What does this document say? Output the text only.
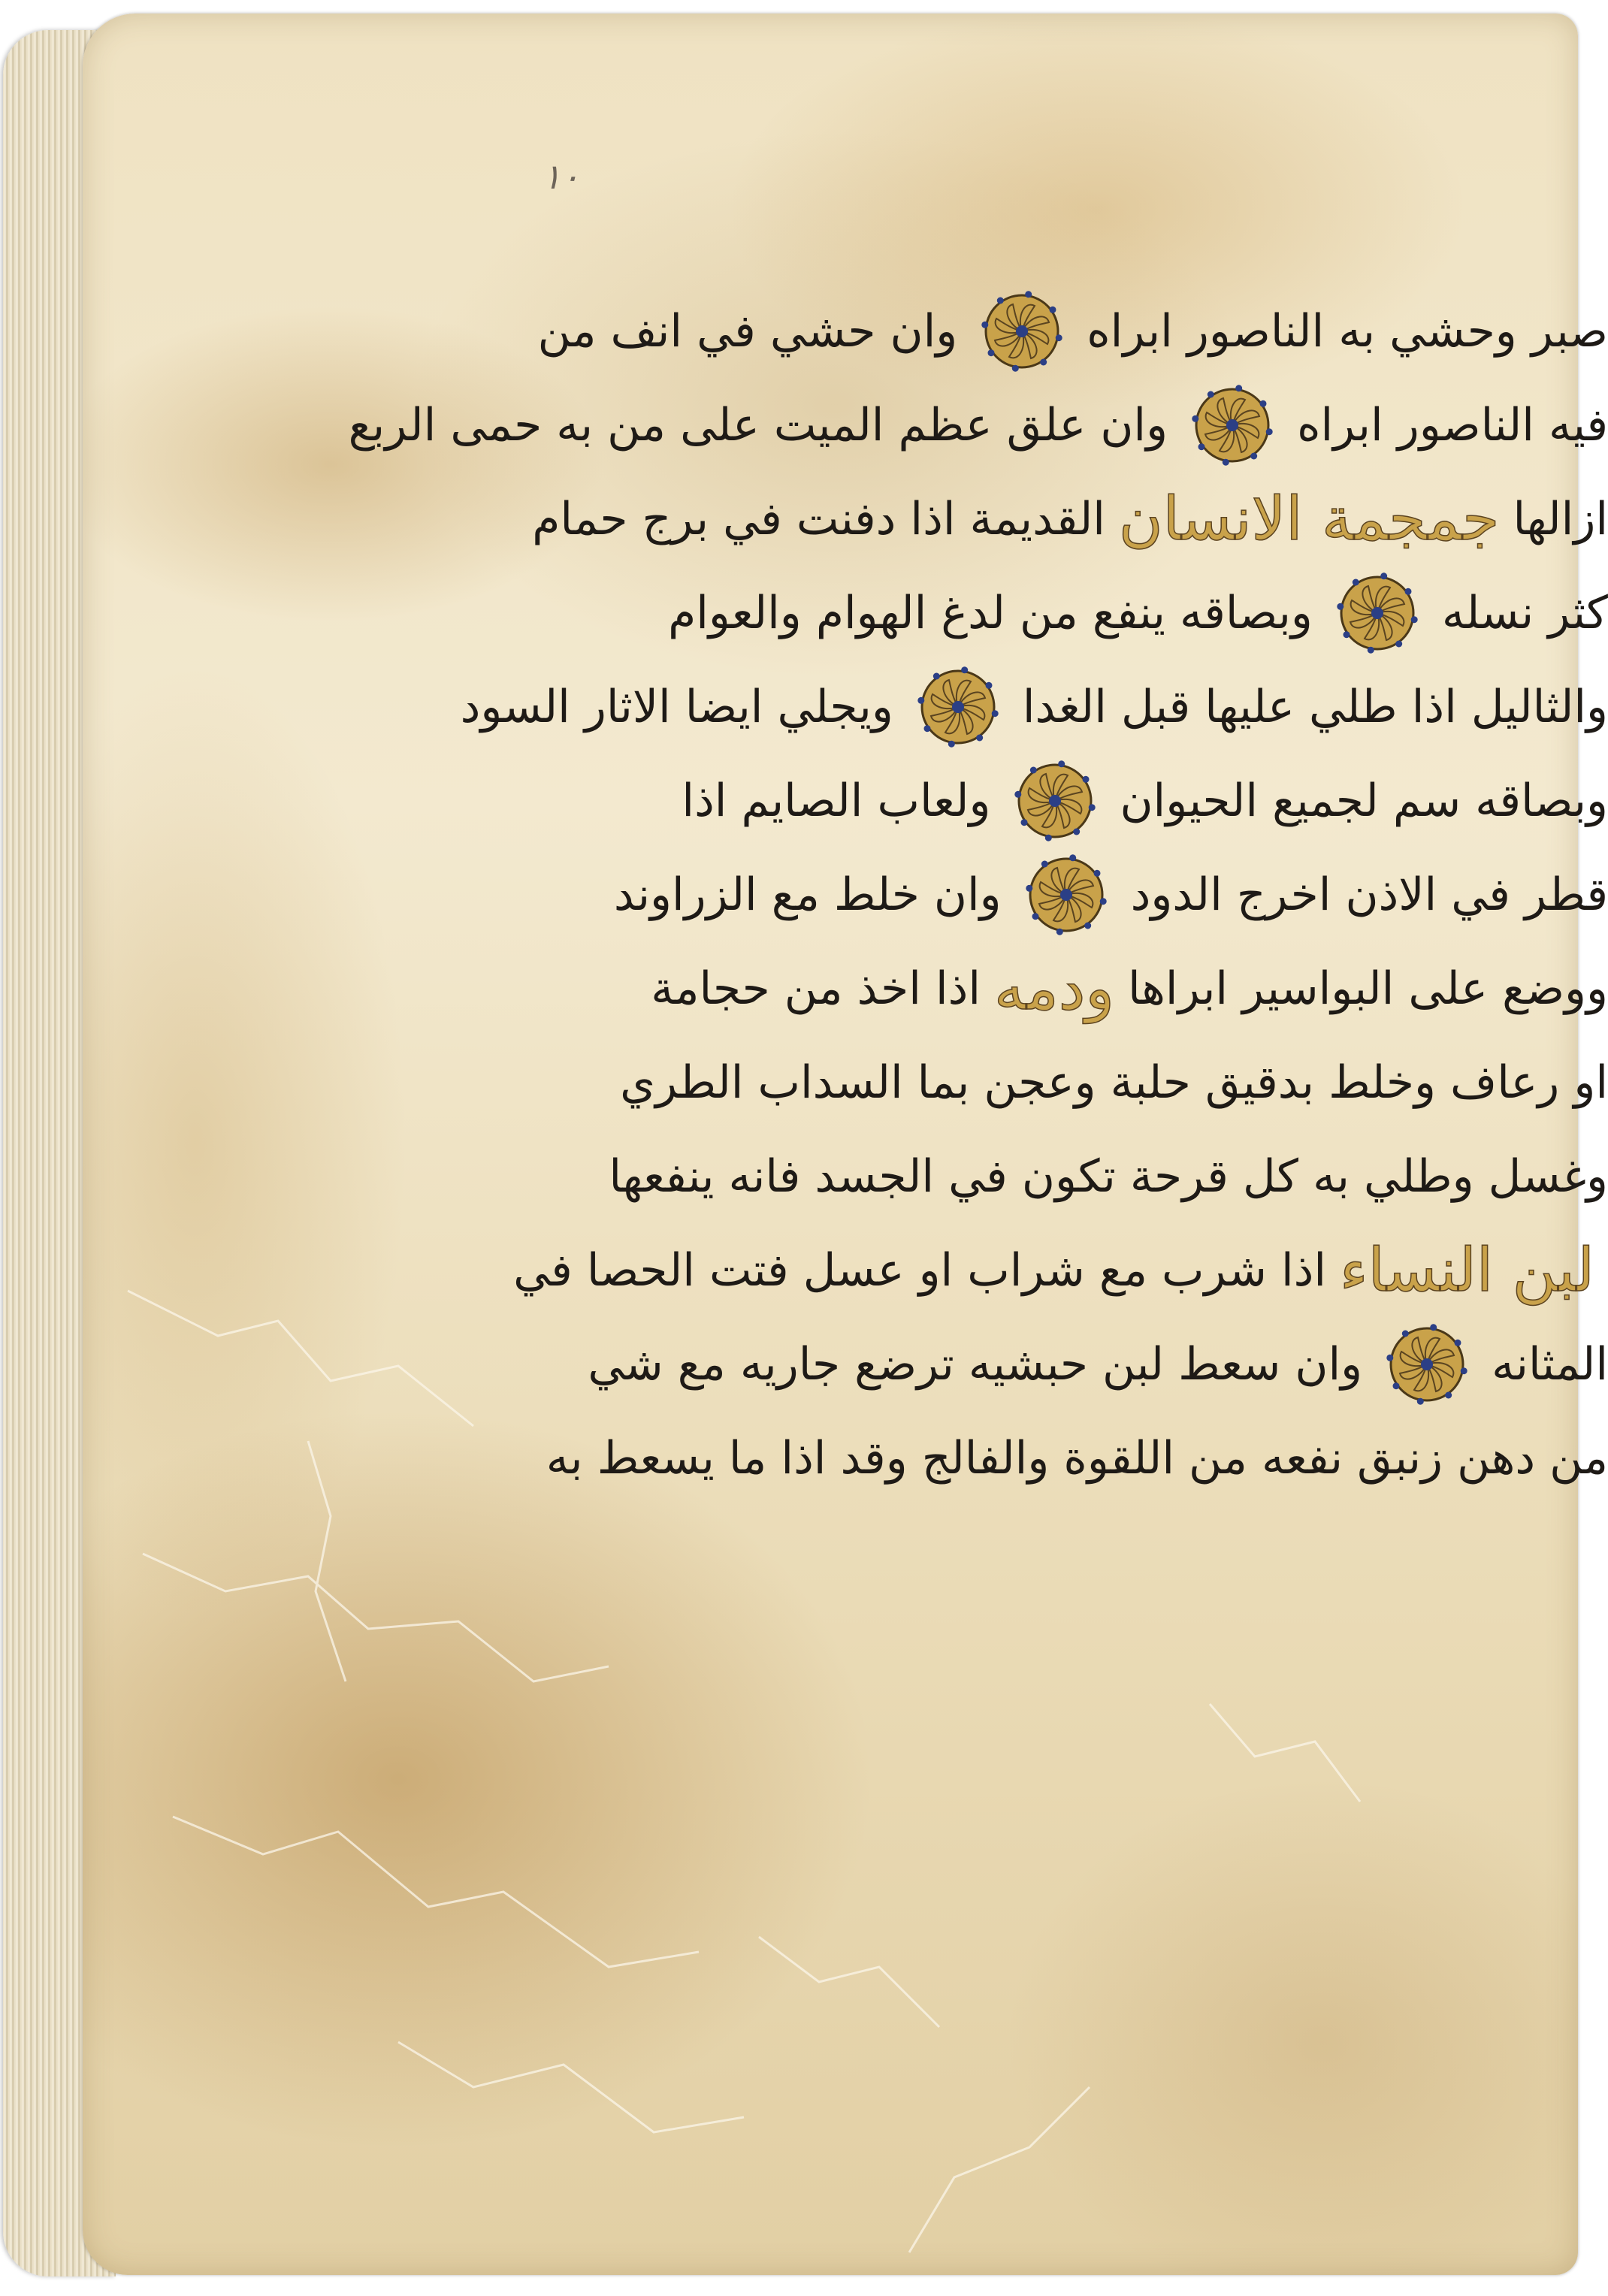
١٠
صبر وحشي به الناصور ابراه
وان حشي في انف من
فيه الناصور ابراه
وان علق عظم الميت على من به حمى الربع
ازالها
جمجمة الانسان
القديمة اذا دفنت في برج حمام
كثر نسله
وبصاقه ينفع من لدغ الهوام والعوام
والثاليل اذا طلي عليها قبل الغدا
ويجلي ايضا الاثار السود
وبصاقه سم لجميع الحيوان
ولعاب الصايم اذا
قطر في الاذن اخرج الدود
وان خلط مع الزراوند
ووضع على البواسير ابراها
ودمه
اذا اخذ من حجامة
او رعاف وخلط بدقيق حلبة وعجن بما السداب الطري
وغسل وطلي به كل قرحة تكون في الجسد فانه ينفعها
لبن النساء
اذا شرب مع شراب او عسل فتت الحصا في
المثانه
وان سعط لبن حبشيه ترضع جاريه مع شي
من دهن زنبق نفعه من اللقوة والفالج وقد اذا ما يسعط به
